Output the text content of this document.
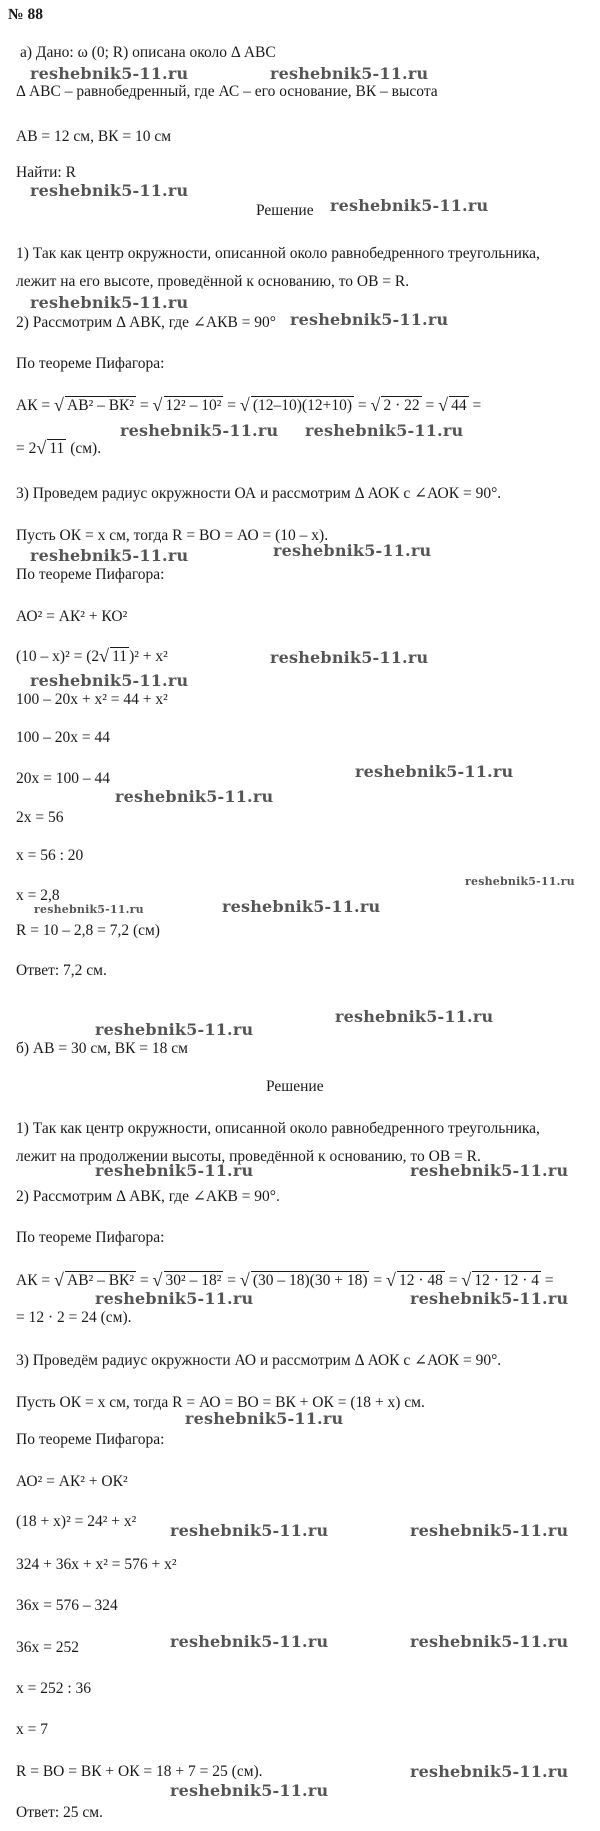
№ 88
а) Дано: ω (0; R) описана около Δ АВС
Δ АВС – равнобедренный, где АС – его основание, ВК – высота
АВ = 12 см, ВК = 10 см
Найти: R
Решение
1) Так как центр окружности, описанной около равнобедренного треугольника,
лежит на его высоте, проведённой к основанию, то ОВ = R.
2) Рассмотрим Δ АВК, где ∠АКВ = 90°
По теореме Пифагора:
АК = √ АВ² – ВК² = √ 12² – 10² = √ (12–10)(12+10) = √ 2 · 22 = √ 44 =
= 2 √ 11 (см).
3) Проведем радиус окружности ОА и рассмотрим Δ АОК с ∠АОК = 90°.
Пусть ОК = х см, тогда R = ВО = АО = (10 – х).
По теореме Пифагора:
АО² = АК² + КО²
(10 – х)² = (2 √ 11 )² + х²
100 – 20х + х² = 44 + х²
100 – 20х = 44
20х = 100 – 44
2х = 56
х = 56 : 20
х = 2,8
R = 10 – 2,8 = 7,2 (см)
Ответ: 7,2 см.
б) АВ = 30 см, ВК = 18 см
Решение
1) Так как центр окружности, описанной около равнобедренного треугольника,
лежит на продолжении высоты, проведённой к основанию, то ОВ = R.
2) Рассмотрим Δ АВК, где ∠АКВ = 90°.
По теореме Пифагора:
АК = √ АВ² – ВК² = √ 30² – 18² = √ (30 – 18)(30 + 18) = √ 12 · 48 = √ 12 · 12 · 4 =
= 12 · 2 = 24 (см).
3) Проведём радиус окружности АО и рассмотрим Δ АОК с ∠АОК = 90°.
Пусть ОК = х см, тогда R = АО = ВО = ВК + ОК = (18 + х) см.
По теореме Пифагора:
АО² = АК² + ОК²
(18 + х)² = 24² + х²
324 + 36х + х² = 576 + х²
36х = 576 – 324
36х = 252
х = 252 : 36
х = 7
R = ВО = ВК + ОК = 18 + 7 = 25 (см).
Ответ: 25 см.
reshebnik5-11.ru	reshebnik5-11.ru
reshebnik5-11.ru
reshebnik5-11.ru
reshebnik5-11.ru
reshebnik5-11.ru
reshebnik5-11.ru reshebnik5-11.ru
reshebnik5-11.ru	reshebnik5-11.ru
reshebnik5-11.ru
reshebnik5-11.ru
reshebnik5-11.ru
reshebnik5-11.ru
reshebnik5-11.ru
reshebnik5-11.ru	reshebnik5-11.ru
reshebnik5-11.ru
reshebnik5-11.ru
reshebnik5-11.ru	reshebnik5-11.ru
reshebnik5-11.ru	reshebnik5-11.ru
reshebnik5-11.ru
reshebnik5-11.ru	reshebnik5-11.ru
reshebnik5-11.ru	reshebnik5-11.ru
reshebnik5-11.ru
reshebnik5-11.ru
